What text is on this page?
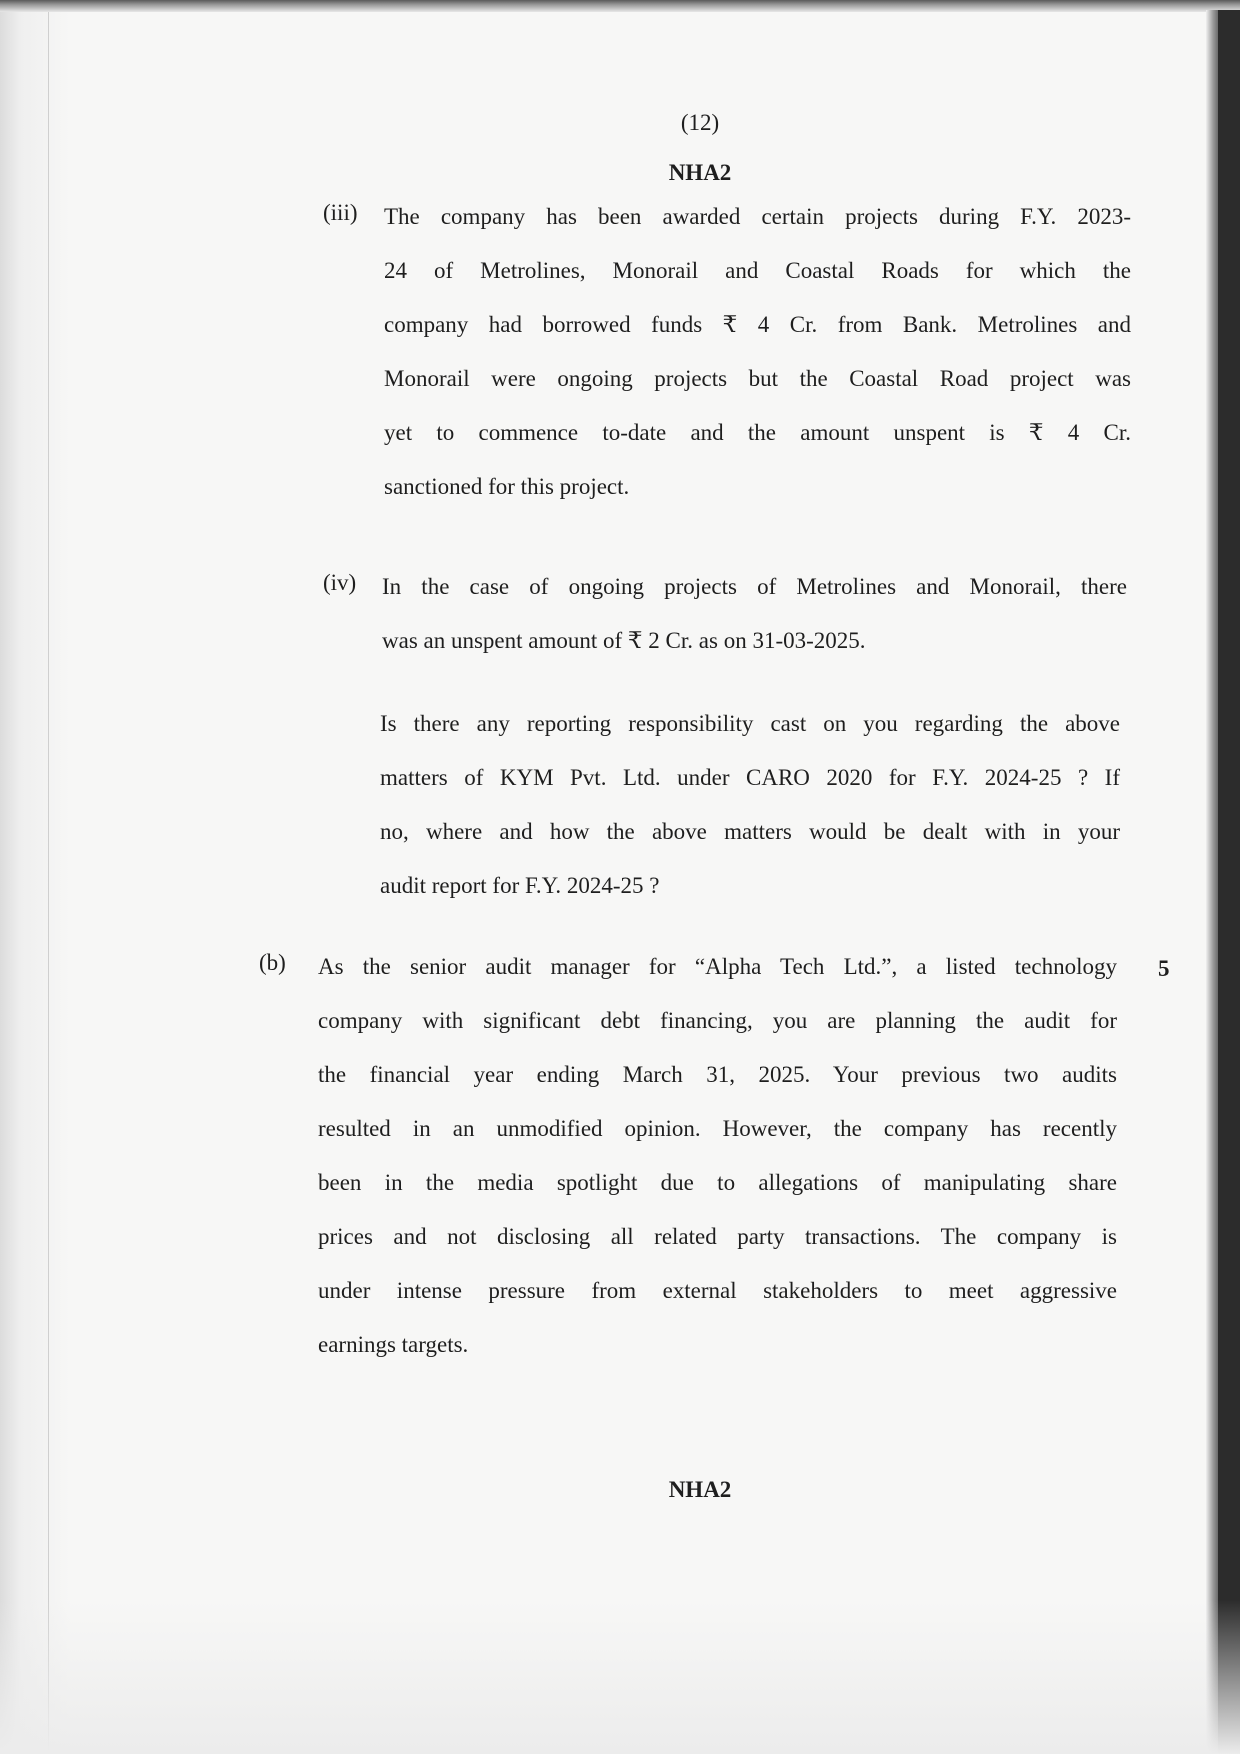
(12)
NHA2
(iii) The company has been awarded certain projects during F.Y. 2023-
24 of Metrolines, Monorail and Coastal Roads for which the
company had borrowed funds ₹ 4 Cr. from Bank. Metrolines and
Monorail were ongoing projects but the Coastal Road project was
yet to commence to-date and the amount unspent is ₹ 4 Cr.
sanctioned for this project.
(iv) In the case of ongoing projects of Metrolines and Monorail, there
was an unspent amount of ₹ 2 Cr. as on 31-03-2025.
Is there any reporting responsibility cast on you regarding the above
matters of KYM Pvt. Ltd. under CARO 2020 for F.Y. 2024-25 ? If
no, where and how the above matters would be dealt with in your
audit report for F.Y. 2024-25 ?
(b)	5
As the senior audit manager for “Alpha Tech Ltd.”, a listed technology
company with significant debt financing, you are planning the audit for
the financial year ending March 31, 2025. Your previous two audits
resulted in an unmodified opinion. However, the company has recently
been in the media spotlight due to allegations of manipulating share
prices and not disclosing all related party transactions. The company is
under intense pressure from external stakeholders to meet aggressive
earnings targets.
NHA2
